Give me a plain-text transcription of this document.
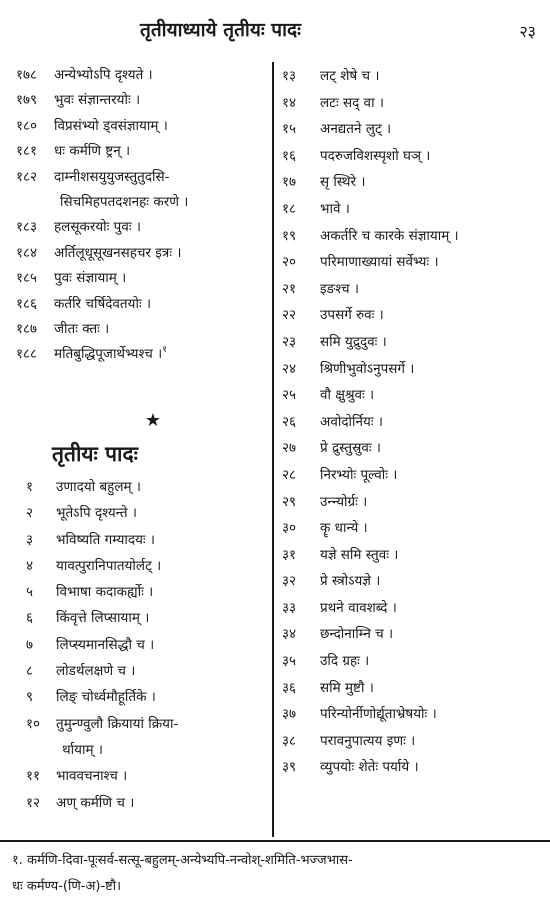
तृतीयाध्याये तृतीयः पादः	२३
१७८ अन्येभ्योऽपि दृश्यते ।
१७९ भुवः संज्ञान्तरयोः ।
१८० विप्रसंभ्यो ड्वसंज्ञायाम् ।
१८१ धः कर्मणि ष्ट्रन् ।
१८२ दाम्नीशसयुयुजस्तुतुदसि-
सिचमिहपतदशनहः करणे ।
१८३ हलसूकरयोः पुवः ।
१८४ अर्तिलूधूसूखनसहचर इत्रः ।
१८५ पुवः संज्ञायाम् ।
१८६ कर्तरि चर्षिदेवतयोः ।
१८७ जीतः क्तः ।
१८८ मतिबुद्धिपूजार्थेभ्यश्च ।$^१$
★
तृतीयः पादः
१ उणादयो बहुलम् ।
२ भूतेऽपि दृश्यन्ते ।
३ भविष्यति गम्यादयः ।
४ यावत्पुरानिपातयोर्लट् ।
५ विभाषा कदाकर्ह्योः ।
६ किंवृत्ते लिप्सायाम् ।
७ लिप्स्यमानसिद्धौ च ।
८ लोडर्थलक्षणे च ।
९ लिङ् चोर्ध्वमौहूर्तिके ।
१० तुमुन्ण्वुलौ क्रियायां क्रिया-
र्थायाम् ।
११ भाववचनाश्च ।
१२ अण् कर्मणि च ।
१३ लट् शेषे च ।
१४ लटः सद् वा ।
१५ अनद्यतने लुट् ।
१६ पदरुजविशस्पृशो घञ् ।
१७ सृ स्थिरे ।
१८ भावे ।
१९ अकर्तरि च कारके संज्ञायाम् ।
२० परिमाणाख्यायां सर्वेभ्यः ।
२१ इङश्च ।
२२ उपसर्गे रुवः ।
२३ समि युद्रुदुवः ।
२४ श्रिणीभुवोऽनुपसर्गे ।
२५ वौ क्षुश्रुवः ।
२६ अवोदोर्नियः ।
२७ प्रे द्रुस्तुस्रुवः ।
२८ निरभ्योः पूल्वोः ।
२९ उन्न्योर्ग्रः ।
३० कॄ धान्ये ।
३१ यज्ञे समि स्तुवः ।
३२ प्रे स्त्रोऽयज्ञे ।
३३ प्रथने वावशब्दे ।
३४ छन्दोनाम्नि च ।
३५ उदि ग्रहः ।
३६ समि मुष्टौ ।
३७ परिन्योर्नीणोर्द्यूताभ्रेषयोः ।
३८ परावनुपात्यय इणः ।
३९ व्युपयोः शेतेः पर्याये ।
१. कर्मणि-दिवा-पूःसर्व-सत्सू-बहुलम्-अन्येभ्यपि-नन्वोश्-शमिति-भज्जभास-
धः कर्मण्य-(णि-अ)-ष्टौ।
